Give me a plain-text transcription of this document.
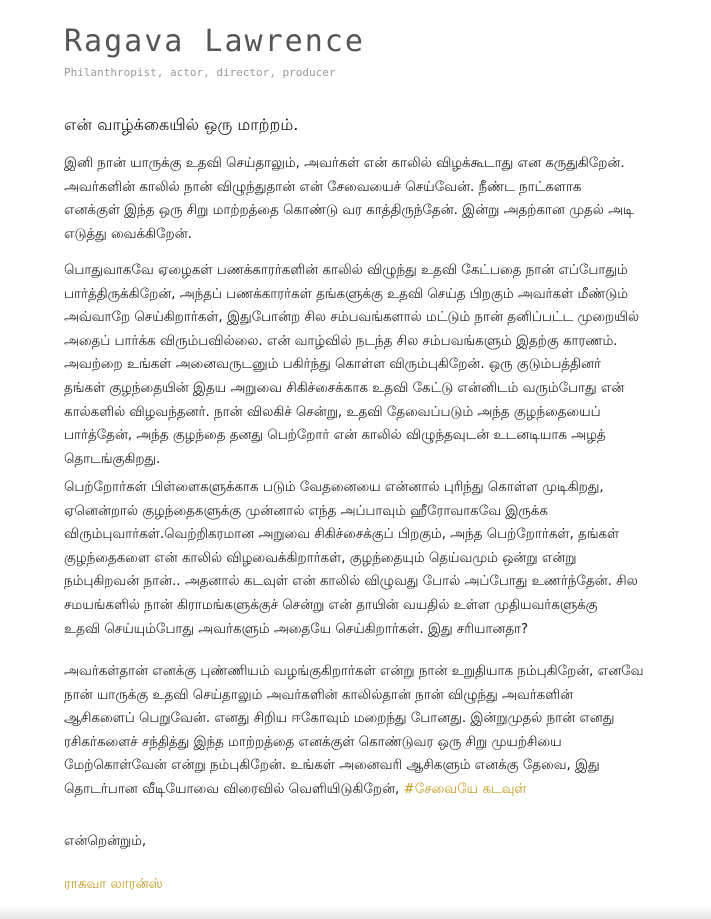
Ragava Lawrence
Philanthropist, actor, director, producer
என் வாழ்க்கையில் ஒரு மாற்றம்.
இனி நான் யாருக்கு உதவி செய்தாலும், அவர்கள் என் காலில் விழக்கூடாது என கருதுகிறேன்.
அவர்களின் காலில் நான் விழுந்துதான் என் சேவையைச் செய்வேன். நீண்ட நாட்களாக
எனக்குள் இந்த ஒரு சிறு மாற்றத்தை கொண்டு வர காத்திருந்தேன். இன்று அதற்கான முதல் அடி
எடுத்து வைக்கிறேன்.
பொதுவாகவே ஏழைகள் பணக்காரர்களின் காலில் விழுந்து உதவி கேட்பதை நான் எப்போதும்
பார்த்திருக்கிறேன், அந்தப் பணக்காரர்கள் தங்களுக்கு உதவி செய்த பிறகும் அவர்கள் மீண்டும்
அவ்வாறே செய்கிறார்கள், இதுபோன்ற சில சம்பவங்களால் மட்டும் நான் தனிப்பட்ட முறையில்
அதைப் பார்க்க விரும்பவில்லை. என் வாழ்வில் நடந்த சில சம்பவங்களும் இதற்கு காரணம்.
அவற்றை உங்கள் அனைவருடனும் பகிர்ந்து கொள்ள விரும்புகிறேன். ஒரு குடும்பத்தினர்
தங்கள் குழந்தையின் இதய அறுவை சிகிச்சைக்காக உதவி கேட்டு என்னிடம் வரும்போது என்
கால்களில் விழவந்தனர். நான் விலகிச் சென்று, உதவி தேவைப்படும் அந்த குழந்தையைப்
பார்த்தேன், அந்த குழந்தை தனது பெற்றோர் என் காலில் விழுந்தவுடன் உடனடியாக அழத்
தொடங்குகிறது.
பெற்றோர்கள் பிள்ளைகளுக்காக படும் வேதனையை என்னால் புரிந்து கொள்ள முடிகிறது,
ஏனென்றால் குழந்தைகளுக்கு முன்னால் எந்த அப்பாவும் ஹீரோவாகவே இருக்க
விரும்புவார்கள்.வெற்றிகரமான அறுவை சிகிச்சைக்குப் பிறகும், அந்த பெற்றோர்கள், தங்கள்
குழந்தைகளை என் காலில் விழவைக்கிறார்கள், குழந்தையும் தெய்வமும் ஒன்று என்று
நம்புகிறவன் நான்.. அதனால் கடவுள் என் காலில் விழுவது போல் அப்போது உணர்ந்தேன். சில
சமயங்களில் நான் கிராமங்களுக்குச் சென்று என் தாயின் வயதில் உள்ள முதியவர்களுக்கு
உதவி செய்யும்போது அவர்களும் அதையே செய்கிறார்கள். இது சரியானதா?
அவர்கள்தான் எனக்கு புண்ணியம் வழங்குகிறார்கள் என்று நான் உறுதியாக நம்புகிறேன், எனவே
நான் யாருக்கு உதவி செய்தாலும் அவர்களின் காலில்தான் நான் விழுந்து அவர்களின்
ஆசிகளைப் பெறுவேன். எனது சிறிய ஈகோவும் மறைந்து போனது. இன்றுமுதல் நான் எனது
ரசிகர்களைச் சந்தித்து இந்த மாற்றத்தை எனக்குள் கொண்டுவர ஒரு சிறு முயற்சியை
மேற்கொள்வேன் என்று நம்புகிறேன். உங்கள் அனைவரி ஆசிகளும் எனக்கு தேவை, இது
தொடர்பான வீடியோவை விரைவில் வெளியிடுகிறேன், #சேவையே கடவுள்
என்றென்றும்,
ராகவா லாரன்ஸ்
